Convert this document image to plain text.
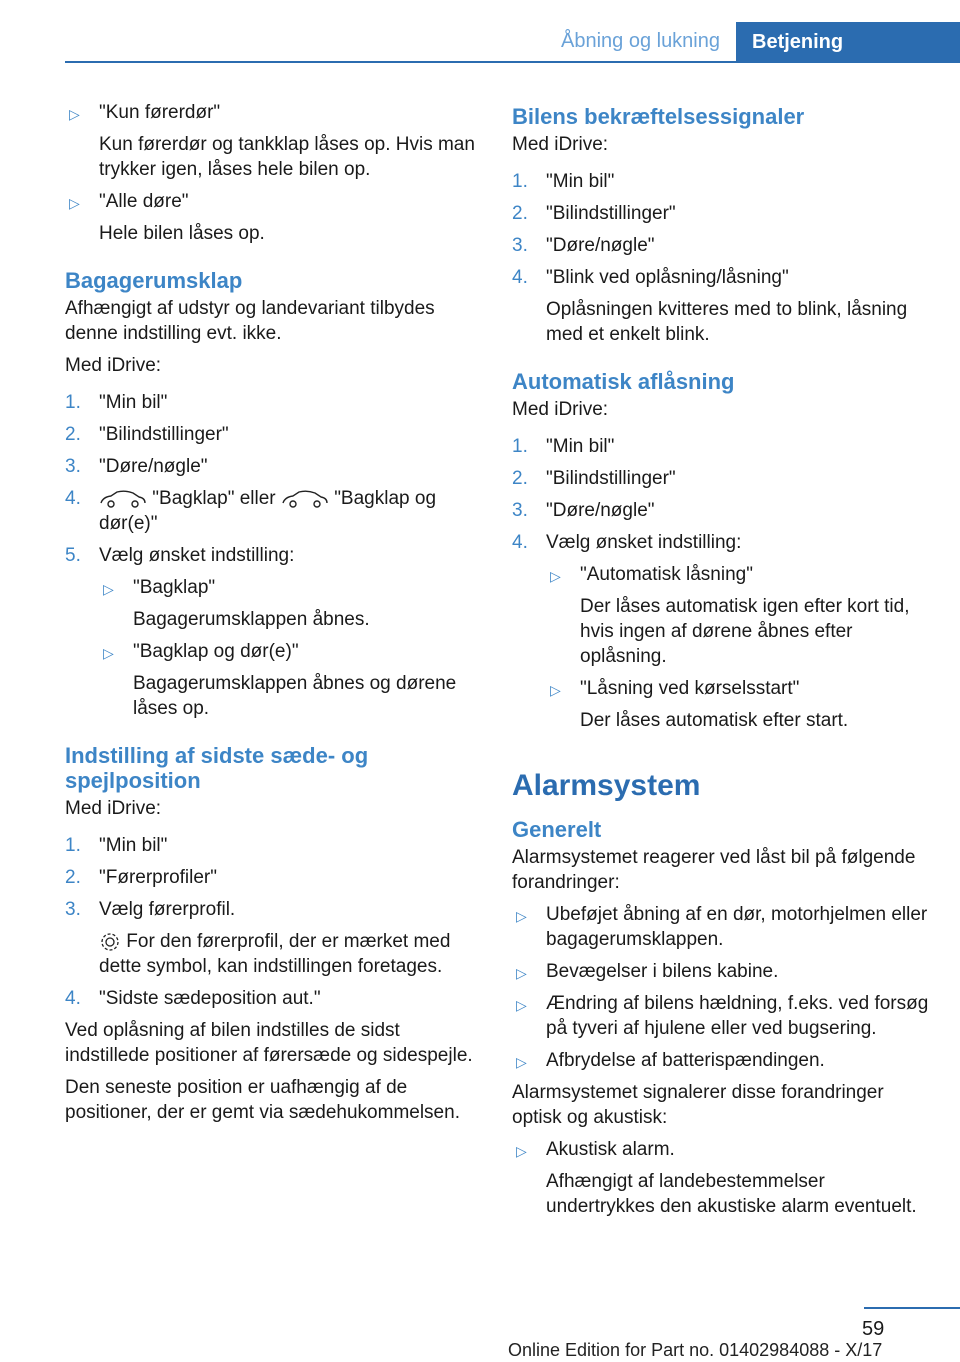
Åbning og lukning	Betjening
▷ "Kun førerdør"
Kun førerdør og tankklap låses op. Hvis man trykker igen, låses hele bilen op.
▷ "Alle døre"
Hele bilen låses op.
Bagagerumsklap

Afhængigt af udstyr og landevariant tilbydes denne indstilling evt. ikke.

Med iDrive:

1. "Min bil"
2. "Bilindstillinger"
3. "Døre/nøgle"
4.	"Bagklap" eller	"Bagklap og dør(e)"
5. Vælg ønsket indstilling:
▷ "Bagklap"
Bagagerumsklappen åbnes.
▷ "Bagklap og dør(e)"
Bagagerumsklappen åbnes og dørene låses op.
Indstilling af sidste sæde- og spejlposition

Med iDrive:

1. "Min bil"
2. "Førerprofiler"
3. Vælg førerprofil.
For den førerprofil, der er mærket med dette symbol, kan indstillingen foretages.
4. "Sidste sædeposition aut."

Ved oplåsning af bilen indstilles de sidst indstillede positioner af førersæde og sidespejle.

Den seneste position er uafhængig af de positioner, der er gemt via sædehukommelsen.

Bilens bekræftelsessignaler

Med iDrive:

1. "Min bil"
2. "Bilindstillinger"
3. "Døre/nøgle"
4. "Blink ved oplåsning/låsning"
Oplåsningen kvitteres med to blink, låsning med et enkelt blink.
Automatisk aflåsning

Med iDrive:

1. "Min bil"
2. "Bilindstillinger"
3. "Døre/nøgle"
4. Vælg ønsket indstilling:
▷ "Automatisk låsning"
Der låses automatisk igen efter kort tid, hvis ingen af dørene åbnes efter oplåsning.
▷ "Låsning ved kørselsstart"
Der låses automatisk efter start.
Alarmsystem
Generelt

Alarmsystemet reagerer ved låst bil på følgende forandringer:

▷ Ubeføjet åbning af en dør, motorhjelmen eller bagagerumsklappen.
▷ Bevægelser i bilens kabine.
▷ Ændring af bilens hældning, f.eks. ved forsøg på tyveri af hjulene eller ved bugsering.
▷ Afbrydelse af batterispændingen.

Alarmsystemet signalerer disse forandringer optisk og akustisk:

▷ Akustisk alarm.
Afhængigt af landebestemmelser undertrykkes den akustiske alarm eventuelt.
59
Online Edition for Part no. 01402984088 - X/17
